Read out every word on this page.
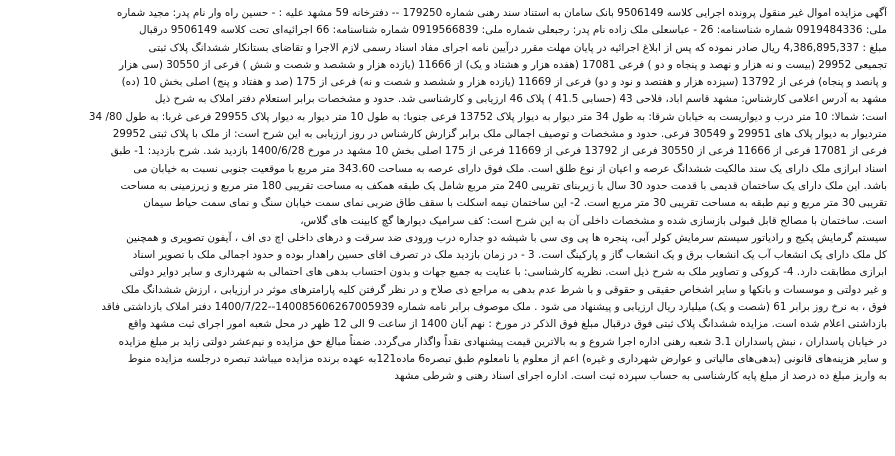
آگهی مزایده اموال غیر منقول پرونده اجرایی کلاسه 9506149 بانک سامان به استناد سند رهنی شماره 179250 -- دفترخانه 59 مشهد علیه : - حسین راه وار نام پدر: مجید شماره
ملی: 0919484336 شماره شناسنامه: 26 - عباسعلی ملک زاده نام پدر: رجبعلی شماره ملی: 0919566839 شماره شناسنامه: 66 اجرائیه‌ای تحت کلاسه 9506149 درقبال
مبلغ : 4,386,895,337 ریال صادر نموده که پس از ابلاغ اجرائیه در پایان مهلت مقرر درآیین نامه اجرای مفاد اسناد رسمی لازم الاجرا و تقاضای بستانکار ششدانگ پلاک ثبتی
تجمیعی 29952 (بیست و نه هزار و نهصد و پنجاه و دو ) فرعی 17081 (هفده هزار و هشتاد و یک) از 11666 (یازده هزار و ششصد و شصت و شش ) فرعی از 30550 (سی هزار
و پانصد و پنجاه) فرعی از 13792 (سیزده هزار و هفتصد و نود و دو) فرعی از 11669 (یازده هزار و ششصد و شصت و نه) فرعی از 175 (صد و هفتاد و پنج) اصلی بخش 10 (ده)
مشهد به آدرس اعلامی کارشناس: مشهد قاسم اباد، فلاحی 43 (حسابی 41.5 ) پلاک 46 ارزیابی و کارشناسی شد. حدود و مشخصات برابر استعلام دفتر املاک به شرح ذیل
است: شمالا: 10 متر درب و دیواریست به خیابان شرقا: به طول 34 متر دیوار به دیوار پلاک 13752 فرعی جنوبا: به طول 10 متر دیوار به دیوار پلاک 29955 فرعی غربا: به طول 80/ 34
متردیوار به دیوار پلاک های 29951 و 30549 فرعی. حدود و مشخصات و توصیف اجمالی ملک برابر گزارش کارشناس در روز ارزیابی به این شرح است: از ملک با پلاک ثبتی 29952
فرعی از 17081 فرعی از 11666 فرعی از 30550 فرعی از 13792 فرعی از 11669 فرعی از 175 اصلی بخش 10 مشهد در مورخ 1400/6/28 بازدید شد. شرح بازدید: 1- طبق
اسناد ابرازی ملک دارای یک سند مالکیت ششدانگ عرصه و اعیان از نوع طلق است. ملک فوق دارای عرصه به مساحت 343.60 متر مربع با موقعیت جنوبی نسبت به خیابان می
باشد. این ملک دارای یک ساختمان قدیمی با قدمت حدود 30 سال با زیربنای تقریبی 240 متر مربع شامل یک طبقه همکف به مساحت تقریبی 180 متر مربع و زیرزمینی به مساحت
تقریبی 30 متر مربع و نیم طبقه به مساحت تقریبی 30 متر مربع است. 2- این ساختمان نیمه اسکلت با سقف طاق ضربی نمای سمت خیابان سنگ و نمای سمت حیاط سیمان
است. ساختمان با مصالح قابل قبولی بازسازی شده و مشخصات داخلی آن به این شرح است: کف سرامیک دیوارها گچ کابینت های گلاس،
سیستم گرمایش پکیج و رادیاتور سیستم سرمایش کولر آبی، پنجره ها پی وی سی با شیشه دو جداره درب ورودی ضد سرقت و درهای داخلی اچ دی اف ، آیفون تصویری و همچنین
کل ملک دارای یک انشعاب آب یک انشعاب برق و یک انشعاب گاز و پارکینگ است. 3 - در زمان بازدید ملک در تصرف اقای حسین راهدار بوده و حدود اجمالی ملک با تصویر اسناد
ابرازی مطابقت دارد. 4- کروکی و تصاویر ملک به شرح ذیل است. نظریه کارشناسی: با عنایت به جمیع جهات و بدون احتساب بدهی های احتمالی به شهرداری و سایر دوایر دولتی
و غیر دولتی و موسسات و بانکها و سایر اشخاص حقیقی و حقوقی و با شرط عدم بدهی به مراجع ذی صلاح و در نظر گرفتن کلیه پارامترهای موثر در ارزیابی ، ارزش ششدانگ ملک
فوق ، به نرخ روز برابر 61 (شصت و یک) میلیارد ریال ارزیابی و پیشنهاد می شود . ملک موصوف برابر نامه شماره 140085606267005939--1400/7/22 دفتر املاک بازداشتی فاقد
بازداشتی اعلام شده است. مزایده ششدانگ پلاک ثبتی فوق درقبال مبلغ فوق الذکر در مورخ : نهم آبان 1400 از ساعت 9 الی 12 ظهر در محل شعبه امور اجرای ثبت مشهد واقع
در خیابان پاسداران ، نبش پاسداران 3.1 شعبه رهنی اداره اجرا شروع و به بالاترین قیمت پیشنهادی نقداً واگذار می‌گردد. ضمناً مبالغ حق مزایده و نیم‌عشر دولتی زاید بر مبلغ مزایده
و سایر هزینه‌های قانونی (بدهی‌های مالیاتی و عوارض شهرداری و غیره) اعم از معلوم یا نامعلوم طبق تبصره6 ماده121به عهده برنده مزایده میباشد تبصره درجلسه مزایده منوط
به واریز مبلغ ده درصد از مبلغ پایه کارشناسی به حساب سپرده ثبت است. اداره اجرای اسناد رهنی و شرطی مشهد
